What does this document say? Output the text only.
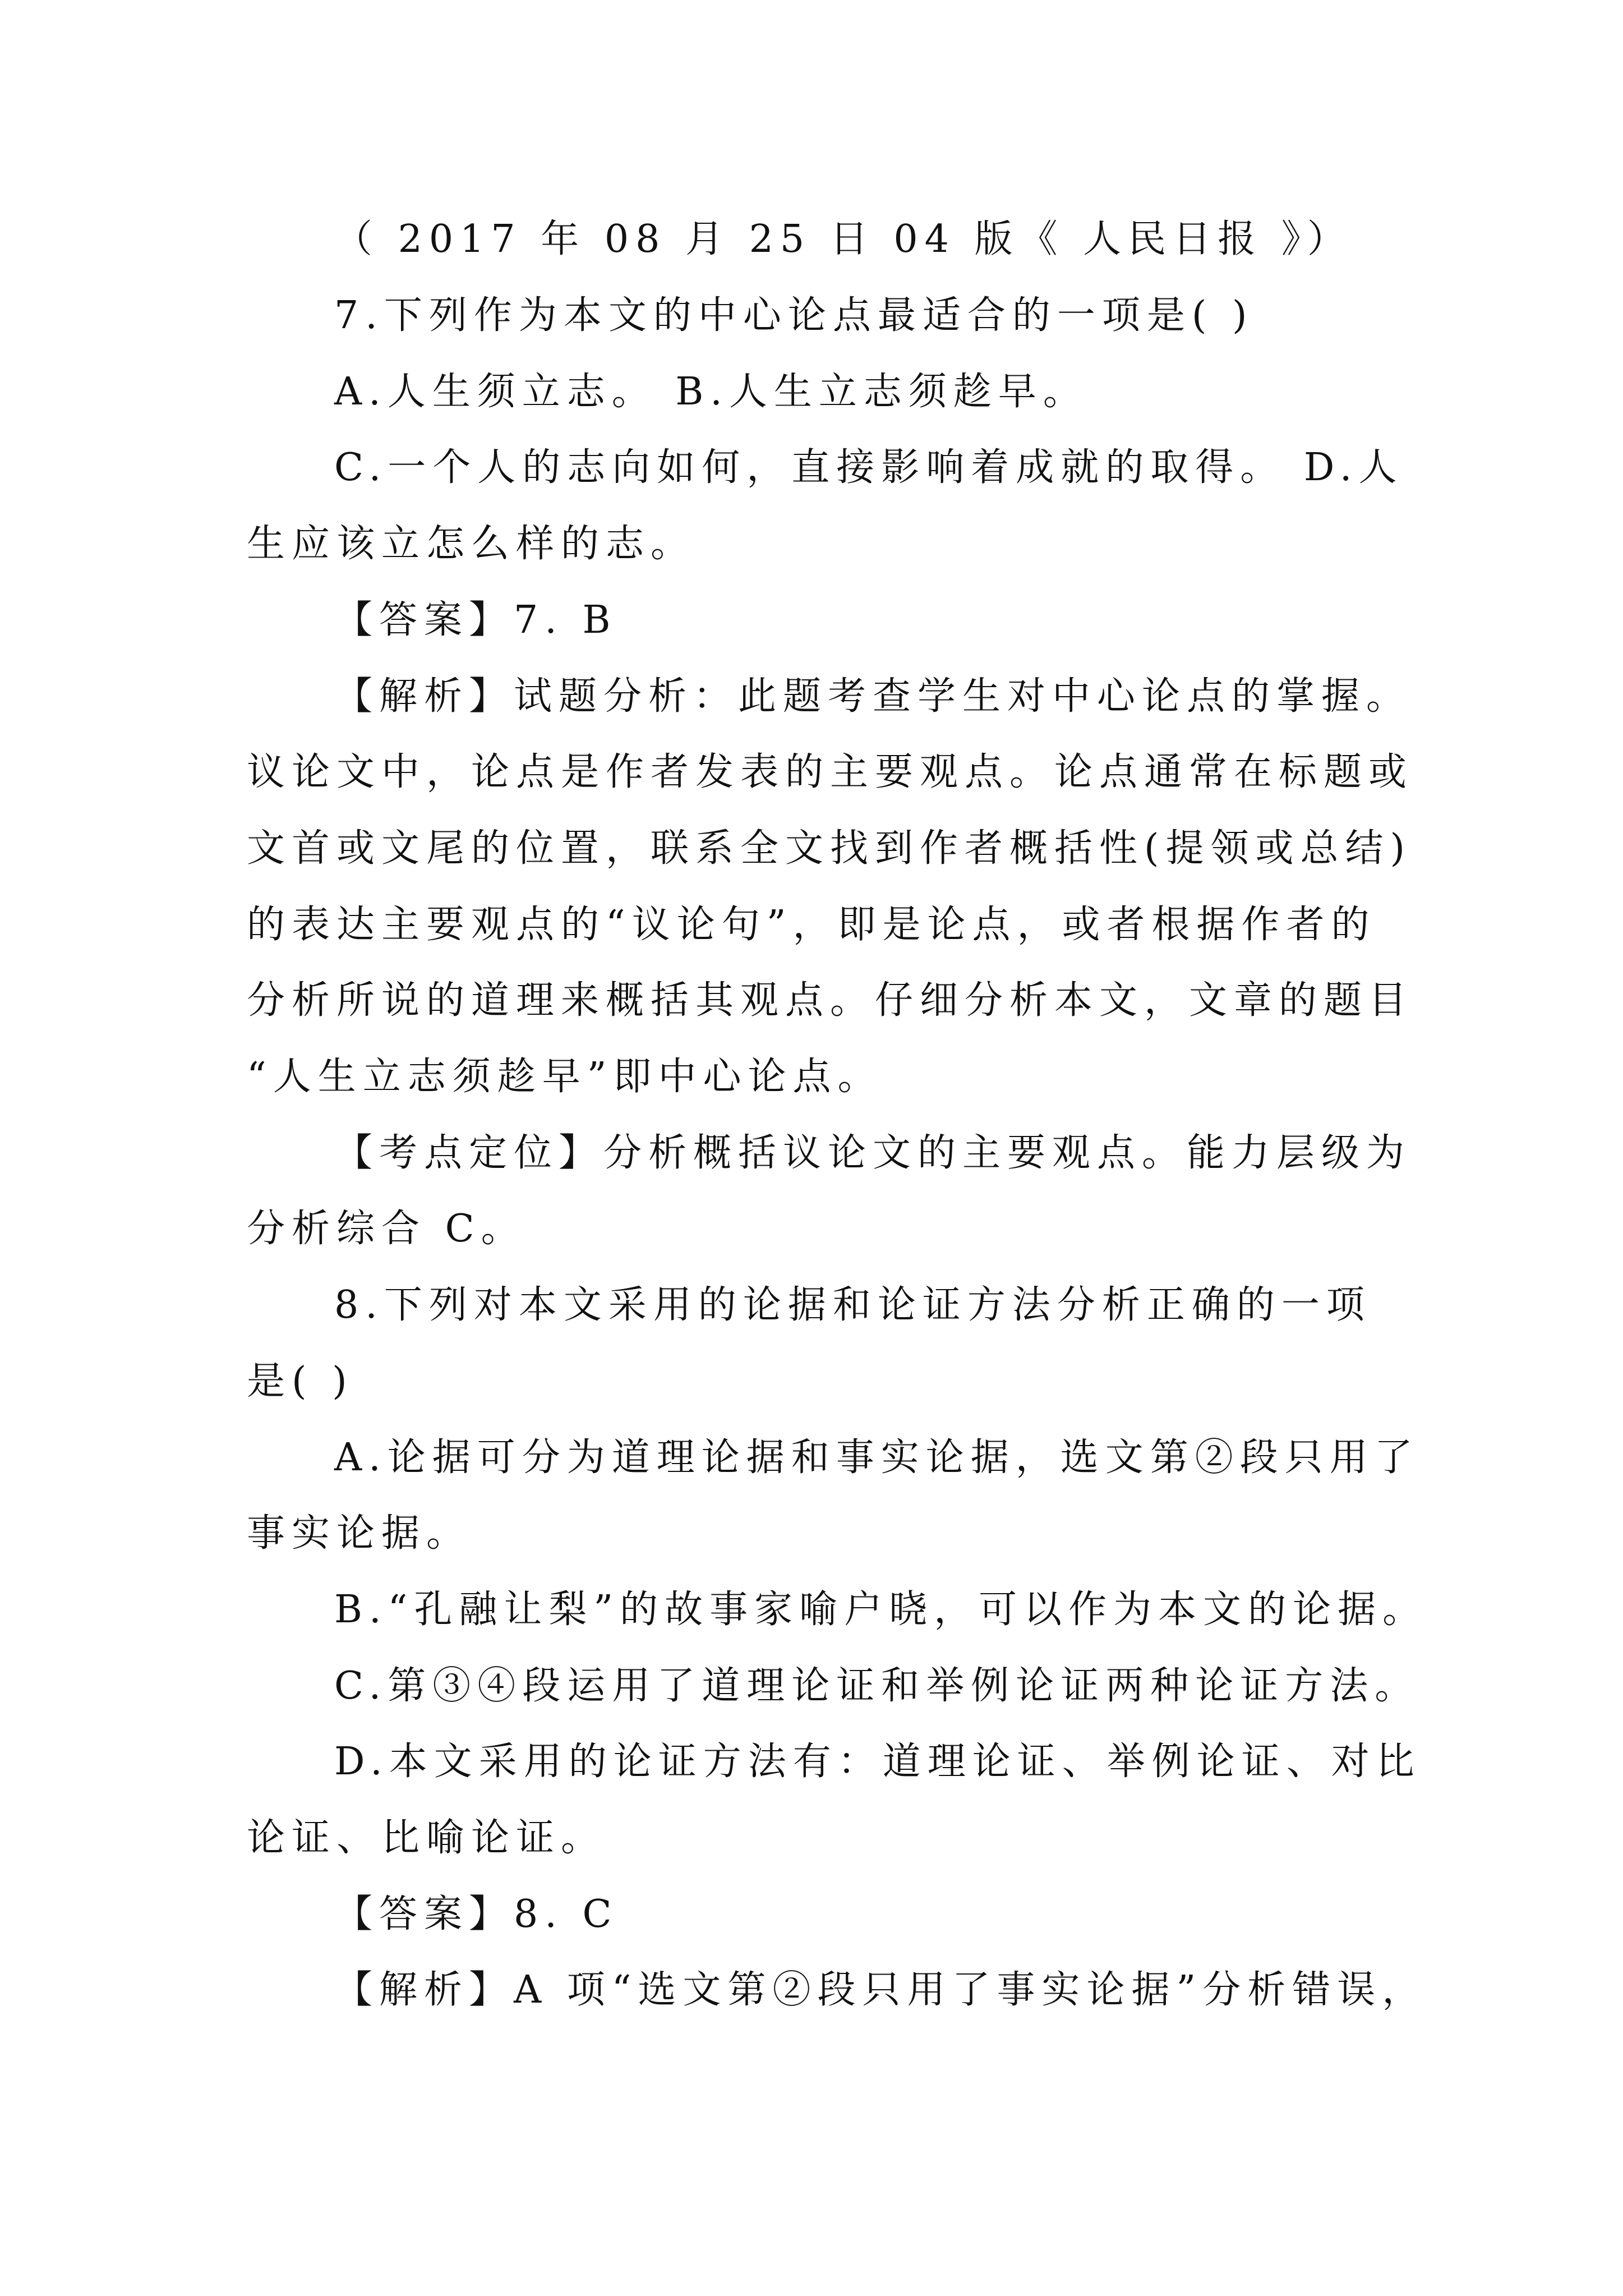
（ 2017 年 08 月 25 日 04 版《 人民日报 》）
7.下列作为本文的中心论点最适合的一项是( )
A.人生须立志。 B.人生立志须趁早。
C.一个人的志向如何，直接影响着成就的取得。 D.人
生应该立怎么样的志。
【答案】7. B
【解析】试题分析：此题考查学生对中心论点的掌握。
议论文中，论点是作者发表的主要观点。论点通常在标题或
文首或文尾的位置，联系全文找到作者概括性(提领或总结)
的表达主要观点的“议论句”，即是论点，或者根据作者的
分析所说的道理来概括其观点。仔细分析本文，文章的题目
“人生立志须趁早”即中心论点。
【考点定位】分析概括议论文的主要观点。能力层级为
分析综合 C。
8.下列对本文采用的论据和论证方法分析正确的一项
是( )
A.论据可分为道理论据和事实论据，选文第②段只用了
事实论据。
B.“孔融让梨”的故事家喻户晓，可以作为本文的论据。
C.第③④段运用了道理论证和举例论证两种论证方法。
D.本文采用的论证方法有：道理论证、举例论证、对比
论证、比喻论证。
【答案】8. C
【解析】A 项“选文第②段只用了事实论据”分析错误，
